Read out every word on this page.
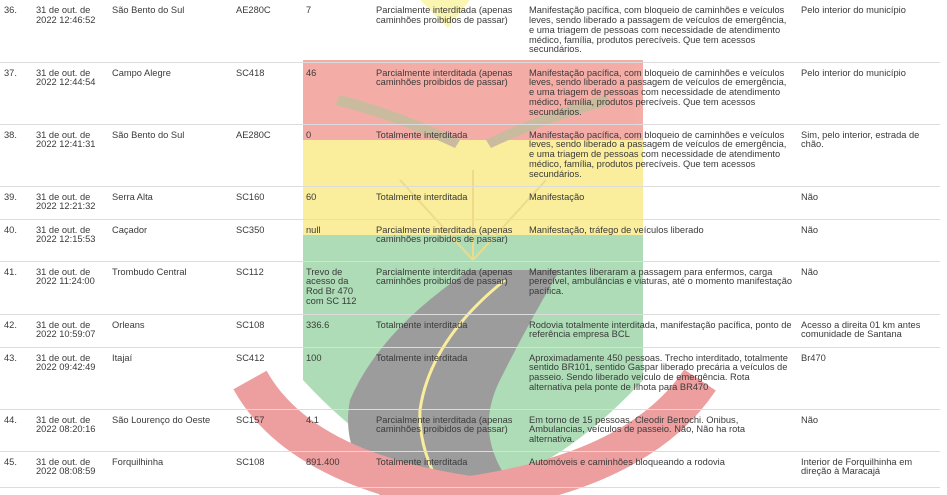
36.	31 de out. de 2022 12:46:52	São Bento do Sul	AE280C	7	Parcialmente interditada (apenas caminhões proibidos de passar)	Manifestação pacífica, com bloqueio de caminhões e veículos leves, sendo liberado a passagem de veículos de emergência, e uma triagem de pessoas com necessidade de atendimento médico, família, produtos perecíveis. Que tem acessos secundários.	Pelo interior do município
37.	31 de out. de 2022 12:44:54	Campo Alegre	SC418	46	Parcialmente interditada (apenas caminhões proibidos de passar)	Manifestação pacífica, com bloqueio de caminhões e veículos leves, sendo liberado a passagem de veículos de emergência, e uma triagem de pessoas com necessidade de atendimento médico, família, produtos perecíveis. Que tem acessos secundários.	Pelo interior do município
38.	31 de out. de 2022 12:41:31	São Bento do Sul	AE280C	0	Totalmente interditada	Manifestação pacífica, com bloqueio de caminhões e veículos leves, sendo liberado a passagem de veículos de emergência, e uma triagem de pessoas com necessidade de atendimento médico, família, produtos perecíveis. Que tem acessos secundários.	Sim, pelo interior, estrada de chão.
39.	31 de out. de 2022 12:21:32	Serra Alta	SC160	60	Totalmente interditada	Manifestação	Não
40.	31 de out. de 2022 12:15:53	Caçador	SC350	null	Parcialmente interditada (apenas caminhões proibidos de passar)	Manifestação, tráfego de veículos liberado	Não
41.	31 de out. de 2022 11:24:00	Trombudo Central	SC112	Trevo de acesso da Rod Br 470 com SC 112	Parcialmente interditada (apenas caminhões proibidos de passar)	Manifestantes liberaram a passagem para enfermos, carga perecível, ambulâncias e viaturas, até o momento manifestação pacífica.	Não
42.	31 de out. de 2022 10:59:07	Orleans	SC108	336.6	Totalmente interditada	Rodovia totalmente interditada, manifestação pacífica, ponto de referência empresa BCL	Acesso a direita 01 km antes comunidade de Santana
43.	31 de out. de 2022 09:42:49	Itajaí	SC412	100	Totalmente interditada	Aproximadamente 450 pessoas. Trecho interditado, totalmente sentido BR101, sentido Gaspar liberado precária a veículos de passeio. Sendo liberado veículo de emergência. Rota alternativa pela ponte de Ilhota para BR470	Br470
44.	31 de out. de 2022 08:20:16	São Lourenço do Oeste	SC157	4.1	Parcialmente interditada (apenas caminhões proibidos de passar)	Em torno de 15 pessoas. Cleodir Bertochi. Onibus, Ambulancias, veículos de passeio. Não, Não ha rota alternativa.	Não
45.	31 de out. de 2022 08:08:59	Forquilhinha	SC108	891.400	Totalmente interditada	Automóveis e caminhões bloqueando a rodovia	Interior de Forquilhinha em direção à Maracajá
